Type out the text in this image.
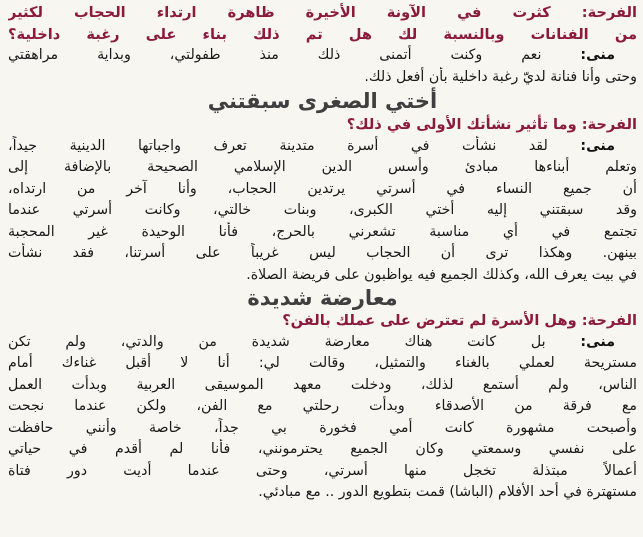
الفرحة: كثرت في الآونة الأخيرة ظاهرة ارتداء الحجاب لكثير
من الفنانات وبالنسبة لك هل تم ذلك بناء على رغبة داخلية؟
منى: نعم وكنت أتمنى ذلك منذ طفولتي، وبداية مراهقتي
وحتى وأنا فنانة لديّ رغبة داخلية بأن أفعل ذلك.
أختي الصغرى سبقتني
الفرحة: وما تأثير نشأتك الأولى في ذلك؟
منى: لقد نشأت في أسرة متدينة تعرف واجباتها الدينية جيداً،
وتعلم أبناءها مبادئ وأسس الدين الإسلامي الصحيحة بالإضافة إلى
أن جميع النساء في أسرتي يرتدين الحجاب، وأنا آخر من ارتداه،
وقد سبقتني إليه أختي الكبرى، وبنات خالتي، وكانت أسرتي عندما
تجتمع في أي مناسبة تشعرني بالحرج، فأنا الوحيدة غير المحجبة
بينهن. وهكذا ترى أن الحجاب ليس غريباً على أسرتنا، فقد نشأت
في بيت يعرف الله، وكذلك الجميع فيه يواظبون على فريضة الصلاة.
معارضة شديدة
الفرحة: وهل الأسرة لم تعترض على عملك بالفن؟
منى: بل كانت هناك معارضة شديدة من والدتي، ولم تكن
مستريحة لعملي بالغناء والتمثيل، وقالت لي: أنا لا أقبل غناءك أمام
الناس، ولم أستمع لذلك، ودخلت معهد الموسيقى العربية وبدأت العمل
مع فرقة من الأصدقاء وبدأت رحلتي مع الفن، ولكن عندما نجحت
وأصبحت مشهورة كانت أمي فخورة بي جداً، خاصة وأنني حافظت
على نفسي وسمعتي وكان الجميع يحترمونني، فأنا لم أقدم في حياتي
أعمالاً مبتذلة تخجل منها أسرتي، وحتى عندما أديت دور فتاة
مستهترة في أحد الأفلام (الباشا) قمت بتطويع الدور .. مع مبادئي.
